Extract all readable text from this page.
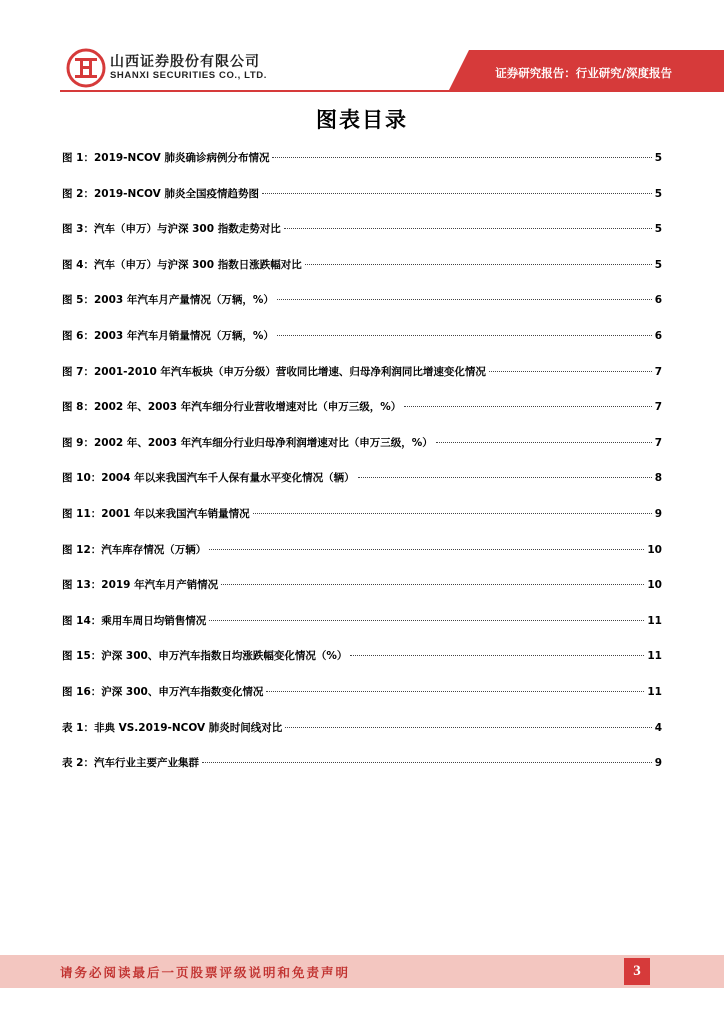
山西证券股份有限公司
SHANXI SECURITIES CO., LTD.	证券研究报告：行业研究/深度报告
图表目录
图 1：2019-NCOV 肺炎确诊病例分布情况	5
图 2：2019-NCOV 肺炎全国疫情趋势图	5
图 3：汽车（申万）与沪深 300 指数走势对比	5
图 4：汽车（申万）与沪深 300 指数日涨跌幅对比	5
图 5：2003 年汽车月产量情况（万辆，%）	6
图 6：2003 年汽车月销量情况（万辆，%）	6
图 7：2001-2010 年汽车板块（申万分级）营收同比增速、归母净利润同比增速变化情况	7
图 8：2002 年、2003 年汽车细分行业营收增速对比（申万三级，%）	7
图 9：2002 年、2003 年汽车细分行业归母净利润增速对比（申万三级，%）	7
图 10：2004 年以来我国汽车千人保有量水平变化情况（辆）	8
图 11：2001 年以来我国汽车销量情况	9
图 12：汽车库存情况（万辆）	10
图 13：2019 年汽车月产销情况	10
图 14：乘用车周日均销售情况	11
图 15：沪深 300、申万汽车指数日均涨跌幅变化情况（%）	11
图 16：沪深 300、申万汽车指数变化情况	11
表 1：非典 VS.2019-NCOV 肺炎时间线对比	4
表 2：汽车行业主要产业集群	9
请务必阅读最后一页股票评级说明和免责声明	3
